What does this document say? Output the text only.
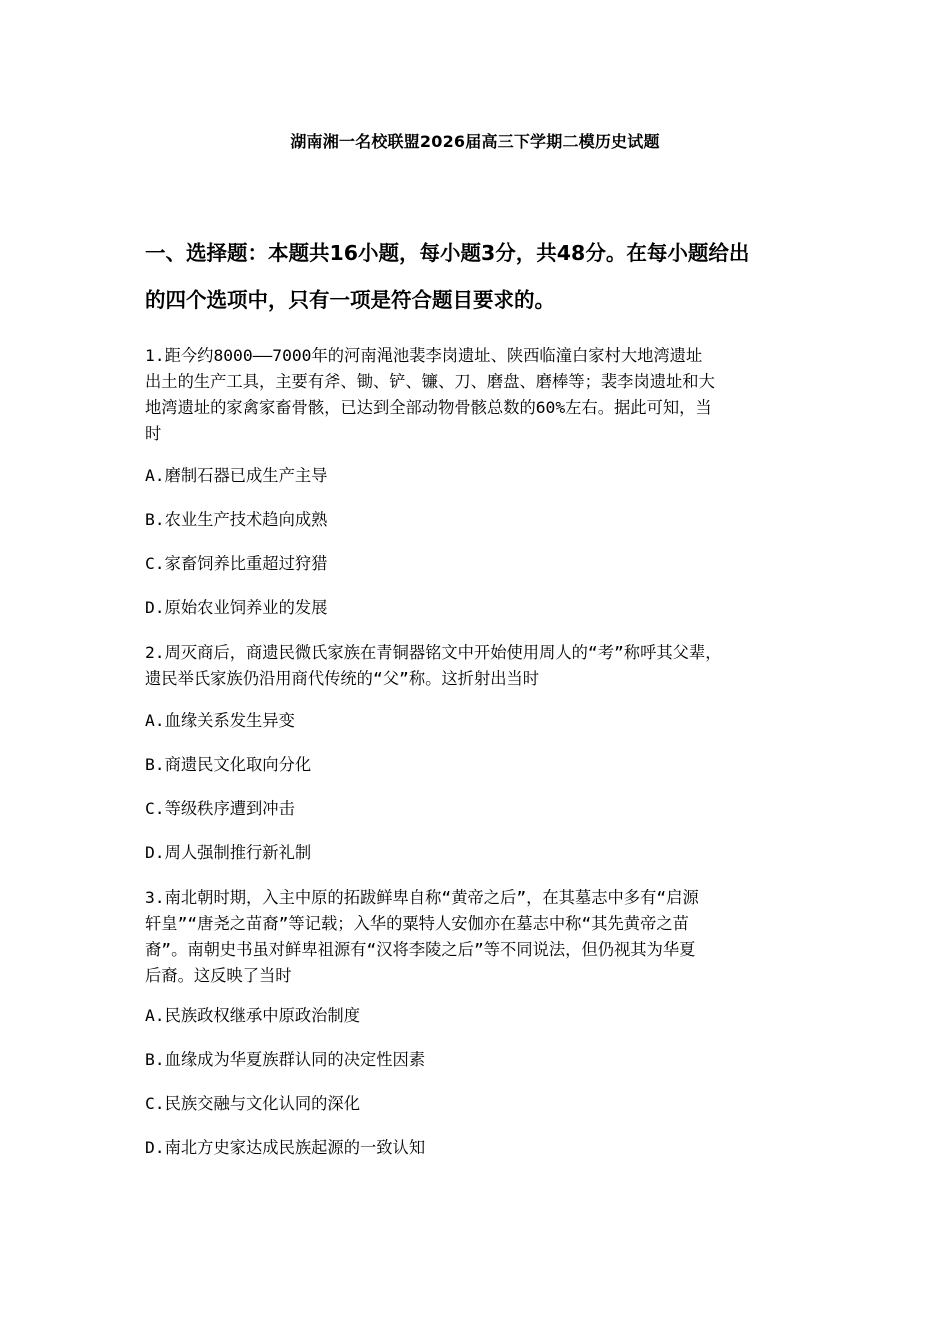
湖南湘一名校联盟2026届高三下学期二模历史试题
一、选择题：本题共16小题，每小题3分，共48分。在每小题给出
的四个选项中，只有一项是符合题目要求的。
1.距今约8000——7000年的河南渑池裴李岗遗址、陕西临潼白家村大地湾遗址
出土的生产工具，主要有斧、锄、铲、镰、刀、磨盘、磨棒等；裴李岗遗址和大
地湾遗址的家禽家畜骨骸，已达到全部动物骨骸总数的60%左右。据此可知，当
时
A.磨制石器已成生产主导
B.农业生产技术趋向成熟
C.家畜饲养比重超过狩猎
D.原始农业饲养业的发展
2.周灭商后，商遗民微氏家族在青铜器铭文中开始使用周人的“考”称呼其父辈，
遗民举氏家族仍沿用商代传统的“父”称。这折射出当时
A.血缘关系发生异变
B.商遗民文化取向分化
C.等级秩序遭到冲击
D.周人强制推行新礼制
3.南北朝时期，入主中原的拓跋鲜卑自称“黄帝之后”，在其墓志中多有“启源
轩皇”“唐尧之苗裔”等记载；入华的粟特人安伽亦在墓志中称“其先黄帝之苗
裔”。南朝史书虽对鲜卑祖源有“汉将李陵之后”等不同说法，但仍视其为华夏
后裔。这反映了当时
A.民族政权继承中原政治制度
B.血缘成为华夏族群认同的决定性因素
C.民族交融与文化认同的深化
D.南北方史家达成民族起源的一致认知
